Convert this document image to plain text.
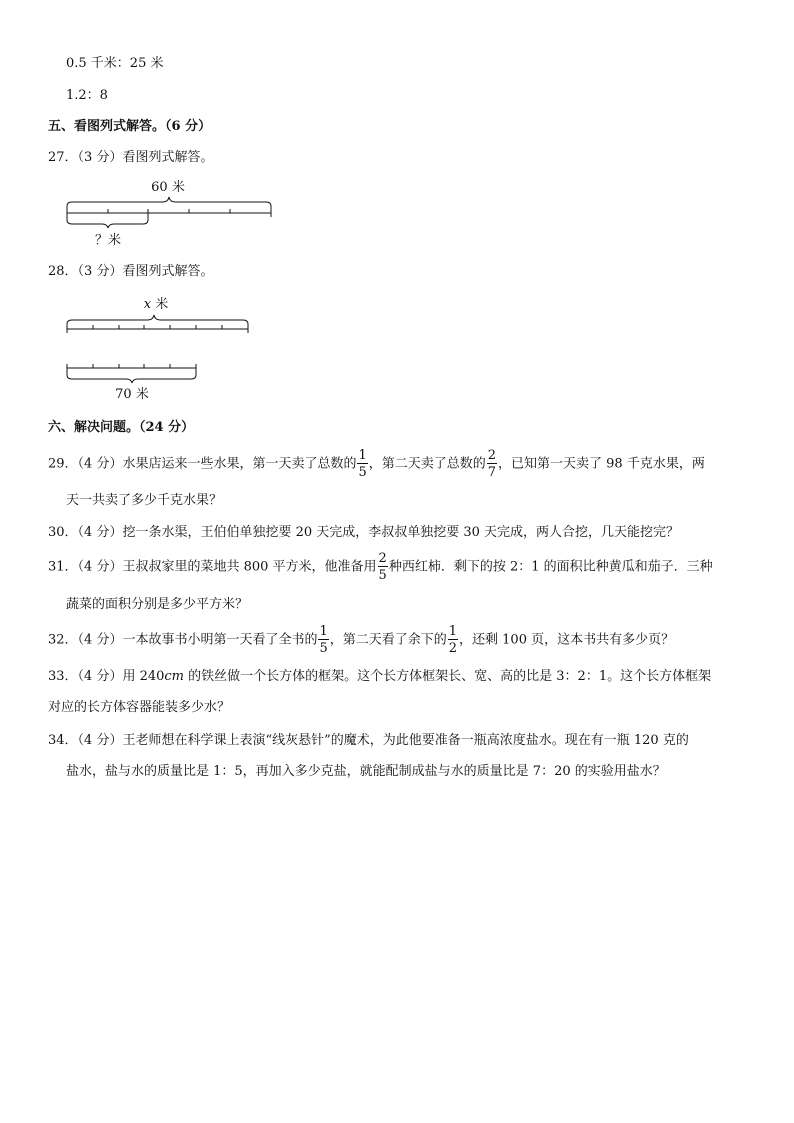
0.5 千米：25 米
1.2：8
五、看图列式解答。（6 分）
27．（3 分）看图列式解答。
60 米
？米
28．（3 分）看图列式解答。
x 米
70 米
六、解决问题。（24 分）
29．（4 分）水果店运来一些水果，第一天卖了总数的 $\frac{1}{5}$ ，第二天卖了总数的 $\frac{2}{7}$ ，已知第一天卖了 98 千克水果，两
天一共卖了多少千克水果？
30．（4 分）挖一条水渠，王伯伯单独挖要 20 天完成，李叔叔单独挖要 30 天完成，两人合挖，几天能挖完？
31．（4 分）王叔叔家里的菜地共 800 平方米，他准备用 $\frac{2}{5}$ 种西红柿．剩下的按 2：1 的面积比种黄瓜和茄子．三种
蔬菜的面积分别是多少平方米？
32．（4 分）一本故事书小明第一天看了全书的 $\frac{1}{5}$ ，第二天看了余下的 $\frac{1}{2}$ ，还剩 100 页，这本书共有多少页？
33．（4 分）用 240cm 的铁丝做一个长方体的框架。这个长方体框架长、宽、高的比是 3：2：1。这个长方体框架
对应的长方体容器能装多少水？
34．（4 分）王老师想在科学课上表演“线灰悬针”的魔术，为此他要准备一瓶高浓度盐水。现在有一瓶 120 克的
盐水，盐与水的质量比是 1：5，再加入多少克盐，就能配制成盐与水的质量比是 7：20 的实验用盐水？
